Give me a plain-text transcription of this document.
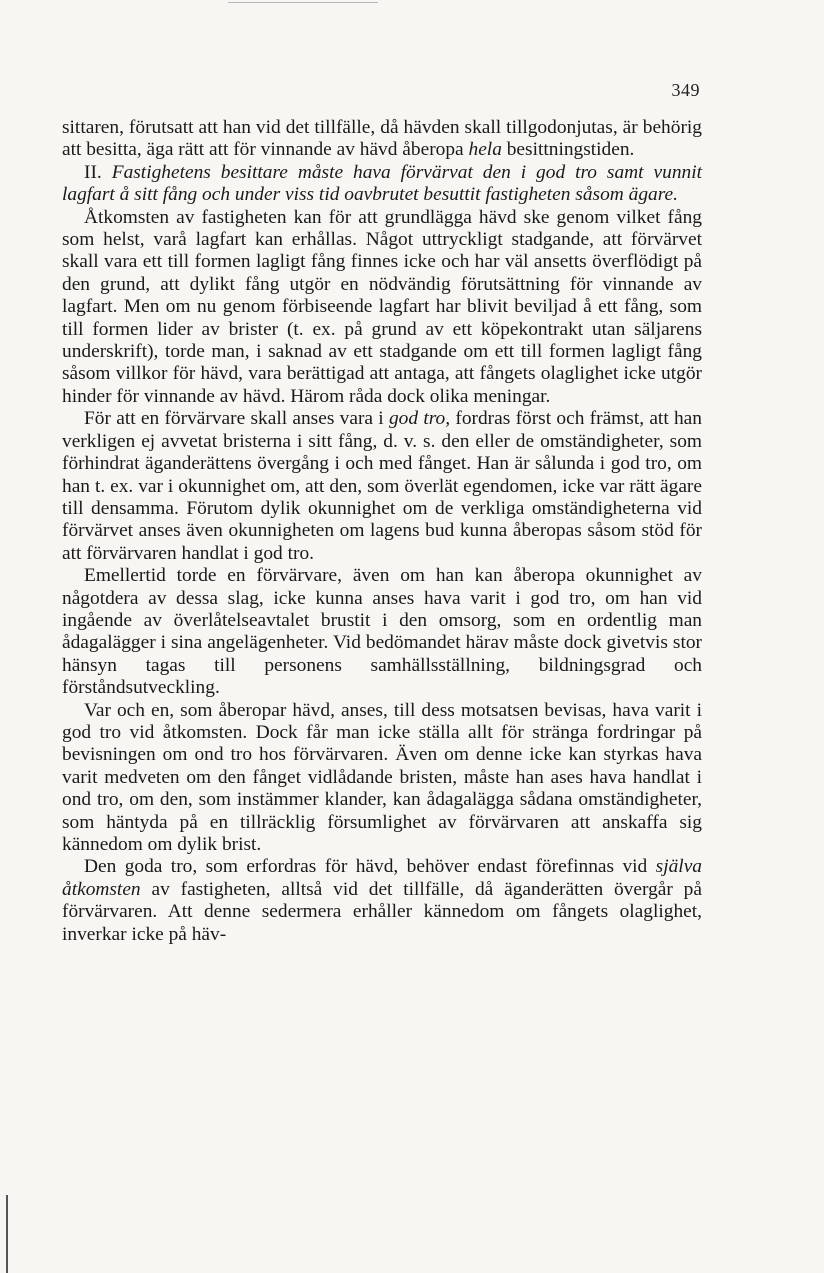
349

sittaren, förutsatt att han vid det tillfälle, då hävden skall tillgodonjutas, är behörig att besitta, äga rätt att för vinnande av hävd åberopa hela besittningstiden.

II. Fastighetens besittare måste hava förvärvat den i god tro samt vunnit lagfart å sitt fång och under viss tid oavbrutet besuttit fastigheten såsom ägare.

Åtkomsten av fastigheten kan för att grundlägga hävd ske genom vilket fång som helst, varå lagfart kan erhållas. Något uttryckligt stadgande, att förvärvet skall vara ett till formen lagligt fång finnes icke och har väl ansetts överflödigt på den grund, att dylikt fång utgör en nödvändig förutsättning för vinnande av lagfart. Men om nu genom förbiseende lagfart har blivit beviljad å ett fång, som till formen lider av brister (t. ex. på grund av ett köpekontrakt utan säljarens underskrift), torde man, i saknad av ett stadgande om ett till formen lagligt fång såsom villkor för hävd, vara berättigad att antaga, att fångets olaglighet icke utgör hinder för vinnande av hävd. Härom råda dock olika meningar.

För att en förvärvare skall anses vara i god tro, fordras först och främst, att han verkligen ej avvetat bristerna i sitt fång, d. v. s. den eller de omständigheter, som förhindrat äganderättens övergång i och med fånget. Han är sålunda i god tro, om han t. ex. var i okunnighet om, att den, som överlät egendomen, icke var rätt ägare till densamma. Förutom dylik okunnighet om de verkliga omständigheterna vid förvärvet anses även okunnigheten om lagens bud kunna åberopas såsom stöd för att förvärvaren handlat i god tro.

Emellertid torde en förvärvare, även om han kan åberopa okunnighet av någotdera av dessa slag, icke kunna anses hava varit i god tro, om han vid ingående av överlåtelseavtalet brustit i den omsorg, som en ordentlig man ådagalägger i sina angelägenheter. Vid bedömandet härav måste dock givetvis stor hänsyn tagas till personens samhällsställning, bildningsgrad och förståndsutveckling.

Var och en, som åberopar hävd, anses, till dess motsatsen bevisas, hava varit i god tro vid åtkomsten. Dock får man icke ställa allt för stränga fordringar på bevisningen om ond tro hos förvärvaren. Även om denne icke kan styrkas hava varit medveten om den fånget vidlådande bristen, måste han ases hava handlat i ond tro, om den, som instämmer klander, kan ådagalägga sådana omständigheter, som häntyda på en tillräcklig försumlighet av förvärvaren att anskaffa sig kännedom om dylik brist.

Den goda tro, som erfordras för hävd, behöver endast förefinnas vid själva åtkomsten av fastigheten, alltså vid det tillfälle, då äganderätten övergår på förvärvaren. Att denne sedermera erhåller kännedom om fångets olaglighet, inverkar icke på häv-
